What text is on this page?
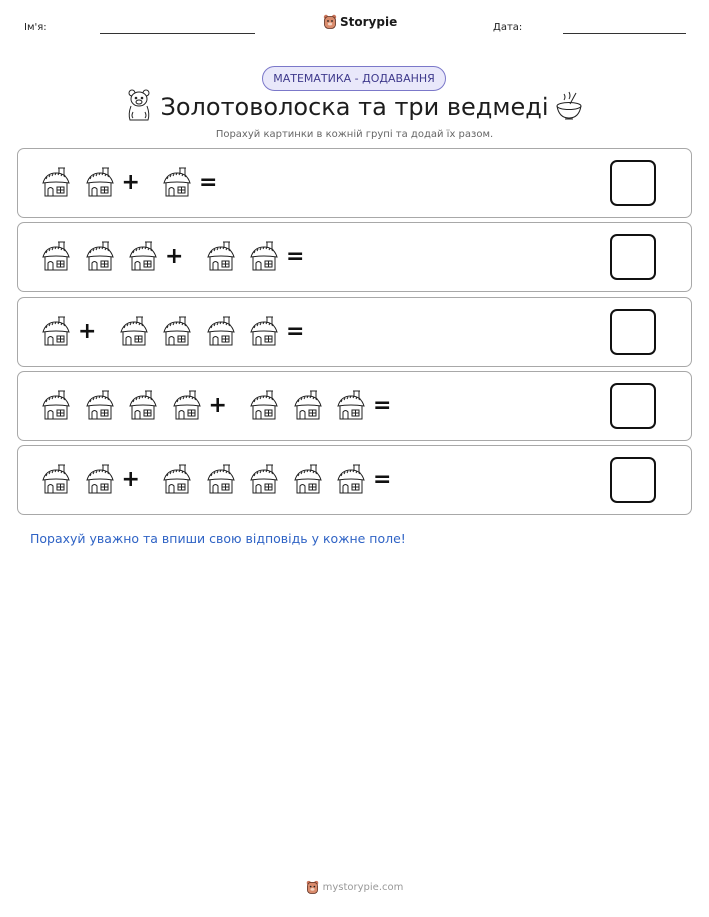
Ім'я:	Storypie	Дата:
МАТЕМАТИКА - ДОДАВАННЯ
Золотоволоска та три ведмеді
Порахуй картинки в кожній групі та додай їх разом.
+	=
+	=
+	=
+	=
+	=
Порахуй уважно та впиши свою відповідь у кожне поле!
mystorypie.com
